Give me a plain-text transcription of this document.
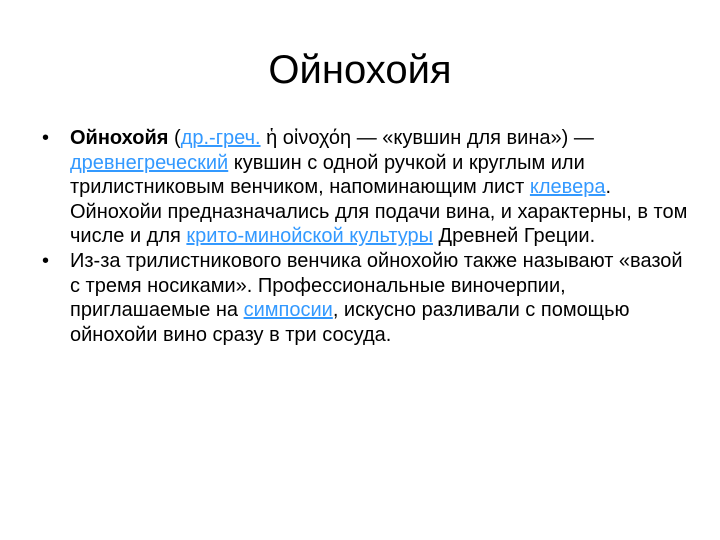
Ойнохойя
• Ойнохойя (др.-греч. ἡ οἰνοχόη — «кувшин для вина») — древнегреческий кувшин с одной ручкой и круглым или трилистниковым венчиком, напоминающим лист клевера. Ойнохойи предназначались для подачи вина, и характерны, в том числе и для крито-минойской культуры Древней Греции.
• Из-за трилистникового венчика ойнохойю также называют «вазой с тремя носиками». Профессиональные виночерпии, приглашаемые на симпосии, искусно разливали с помощью ойнохойи вино сразу в три сосуда.
